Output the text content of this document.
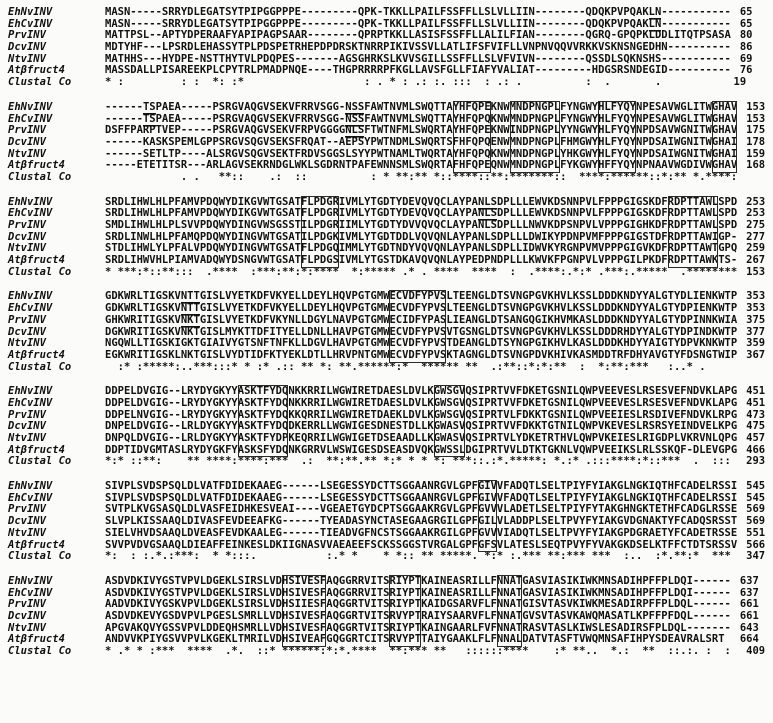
EhNvINV	MASN-----SRRYDLEGATSYTPIPGGPPPE---------QPK-TKKLLPAILFSSFFLLSLVLLIIN--------QDQKPVPQAKLN----------- 65
EhCvINV	MASN-----SRRYDLEGATSYTPIPGGPPPE---------QPK-TKKLLPAILFSSFFLLSLVLLIIN--------QDQKPVPQAKLN----------- 65
PrvINV	MATTPSL--APTYDPERAAFYAPIPAGPSAAR--------QPRPTKKLLASISFSSFFLLALILFIAN--------QGRQ-GPQPKLDDLITQTPSASA 80
DcvINV	MDTYHF---LPSRDLEHASSYTPLPDSPETRHEPDPDRSKTNRRPIKIVSSVLLATLIFSFVIFLLVNPNVQQVVRKKVSKNSNGEDHN---------- 86
NtvINV	MATHHS---HYDPE-NSTTHYTVLPDQPES-------AGSGHRKSLKVVSGILLSSFFLLSLVFVIVN--------QSSDLSQKNSHS----------- 69
Atβfruct4	MASSDALLPISAREEKPLCPYTRLPMADPNQE----THGPRRRRPFKGLLAVSFGLLFIAFYVALIAT---------HDGSRSNDEGID---------- 76
Clustal Co	* :         : :  *: :*                   : . * : .: :. :::  : .: .          :  .       . 19
EhNvINV	------TSPAEA-----PSRGVAQGVSEKVFRRVSGG-NSSFAWTNVMLSWQTTAYHFQPEKNWMNDPNGPLFYNGWYHLFYQYNPESAVWGLITWGHAV 153
EhCvINV	------TSPAEA-----PSRGVAQGVSEKVFRRVSGG-NSSFAWTNVMLSWQTTAYHFQPQKNWMNDPNGPLFYNGWYHLFYQYNPESAVWGLITWGHAV 153
PrvINV	DSFFPARPTVEP-----PSRGVAQGVSEKVFRPVGGGGNLSFTWTNFMLSWQRTAYHFQPEKNWINDPNGPLYYNGWYHLFYQYNPDSAVWGNITWGHAV 175
DcvINV	------KASKSPEMLGPPSRGVSQGVSEKSFRQAT--AEPSYPWTNDMLSWQRTSFHFQPQENWMNDPNGPLFHMGWYHLFYQYNPDSAIWGNITWGHAI 178
NtvINV	------SETLTP----ALSRGVSQGVSEKTFRDVSGGSLSYYPWTNAMLTWQRTAYHFQPQKNWMNDPNGPLYHKGWYHLFYQYNPDSAIWGNITWGHAI 159
Atβfruct4	-----ETETITSR---ARLAGVSEKRNDGLWKLSGDRNTPAFEWNNSMLSWQRTAFHFQPEQNWMNDPNGPLFYKGWYHFFYQYNPNAAVWGDIVWGHAV 168
Clustal Co	. .   **::    .:  ::          : * **:** *::****::**:*******::  ****:******::*:** *.****:
EhNvINV	SRDLIHWLHLPFAMVPDQWYDIKGVWTGSATFLPDGRIVMLYTGDTYDEVQVQCLAYPANLSDPLLLEWVKDSNNPVLFPPPGIGSKDFRDPTTAWLSPD 253
EhCvINV	SRDLIHWLHLPFAMVPDQWYDIKGVWTGSATFLPDGRIVMLYTGDTYDEVQVQCLAYPANLSDPLLLEWVKDSNNPVLFPPPGIGSKDFRDPTTAWLSPD 253
PrvINV	SMDLIHWLHLPLSVVPDQWYDINGVWSGSSTILPDGRIIMLYTGDTYDVVQVQCLAYPANLSDPLLLNWVKDPSNPVLVPPPGIGHKDFRDPTTAWLSPD 275
DcvINV	SRDLINWLHLPFAMQPDQWYDINGVWTGSATILPDGKIVMLYTGDTDDLVQVQNLAYPANLSDPLLLDWIKYPDNPVMFPPPGIGSTDFRDPTTAWIGP- 277
NtvINV	STDLIHWLYLPFALVPDQWYDINGVWTGSATFLPDGQIMMLYTGDTNDYVQVQNLAYPANLSDPLLIDWVKYRGNPVMVPPPGIGVKDFRDPTTAWTGPQ 259
Atβfruct4	SRDLIHWVHLPIAMVADQWYDSNGVWTGSATFLPDGSIVMLYTGSTDKAVQVQNLAYPEDPNDPLLLKWVKFPGNPVLVPPPGILPKDFRDPTTAWKTS- 267
Clustal Co	* ***:*::**:::  .****  :***:**:*:****  *:***** .* . ****  ****  :  .****:.*:* .***:.*****  .******** 153
EhNvINV	GDKWRLTIGSKVNTTGISLVYETKDFVKYELLDEYLHQVPGTGMWECVDFYPVSLTEENGLDTSVNGPGVKHVLKSSLDDDKNDYYALGTYDLIENKWTP 353
EhCvINV	GDKWRLTIGSKVNTTGISLVYETKDFVKYELLDEYLHQVPGTGMWECVDFYPVSLTEENGLDTSVNGPGVKHVLKSSLDDDKNDYYALGTYDPIENKWTP 353
PrvINV	GHKWRITIGSKVNKTGISLVYETKDFVKYNLLDGYLNAVPGTGMWECIDFYPASLIEANGLDTSANGQGIKHVMKASLDDDKNDYYALGTYDPINNKWIA 375
DcvINV	DGKWRITIGSKVNKTGISLMYKTTDFITYELLDNLLHAVPGTGMWECVDFYPVSVTGSNGLDTSVNGPGVKHVLKSSLDDDRHDYYALGTYDPINDKWTP 377
NtvINV	NGQWLLTIGSKIGKTGIAIVYGTSNFTNFKLLDGVLHAVPGTGMWECVDFYPVSTDEANGLDTSYNGPGIKHVLKASLDDDKHDYYAIGTYDPVKNKWTP 359
Atβfruct4	EGKWRITIGSKLNKTGISLVYDTIDFKTYEKLDTLLHRVPNTGMWECVDFYPVSKTAGNGLDTSVNGPDVKHIVKASMDDTRFDHYAVGTYFDSNGTWIP 367
Clustal Co	:* :*****:..***:::* * :* .:: ** *: **.******:*  ****** **  .:**::*:*:**  :  *:**:***   :..* .
EhNvINV	DDPELDVGIG--LRYDYGKYYASKTFYDQNKKRRILWGWIRETDAESLDVLKGWSGVQSIPRTVVFDKETGSNILQWPVEEVESLRSESVEFNDVKLAPG 451
EhCvINV	DDPELDVGIG--LRYDYGKYYASKTFYDQNKKRRILWGWIRETDAESLDVLKGWSGVQSIPRTVVFDKETGSNILQWPVEEVESLRSESVEFNDVKLAPG 451
PrvINV	DDPELNVGIG--LRYDYGKYYASKTFYDQKKQRRILWGWIRETDAEKLDVLKGWSGVQSIPRTVLFDKKTGSNILQWPVEEIESLRSDIVEFNDVKLRPG 473
DcvINV	DNPELDVGIG--LRLDYGKYYASKTFYDQDKERRLLWGWIGESDNESTDLLKGWASVQSIPRTVVFDKKTGTNILQWPVKEVESLRSRSYEINDVELKPG 475
NtvINV	DNPQLDVGIG--LRLDYGKYYASKTFYDPKEQRRILWGWIGETDSEAADLLKGWASVQSIPRTVLYDKETRTHVLQWPVKEIESLRIGDPLVKRVNLQPG 457
Atβfruct4	DDPTIDVGMTASLRYDYGKFYASKSFYDQNKGRRVLWSWIGESDSEASDVQKGWSSLDGIPRTVVLDTKTGKNLVQWPVEEIKSLRLSSKQF-DLEVGPG 466
Clustal Co	*:* ::**:    ** ****:****:***  .:  **:**.** *:* * * *: ***::.:*.*****: *.:* .:::****:*::***  .  ::: 293
EhNvINV	SIVPLSVDSPSQLDLVATFDIDEKAAEG------LSEGESSYDCTTSGGAANRGVLGPFGIVVFADQTLSELTPIYFYIAKGLNGKIQTHFCADELRSSI 545
EhCvINV	SIVPLSVDSPSQLDLVATFDIDEKAAEG------LSEGESSYDCTTSGGAANRGVLGPFGIVVFADQTLSELTPIYFYIAKGLNGKIQTHFCADELRSSI 545
PrvINV	SVTPLKVGSASQLDLVASFEIDHKESVEAI----VGEAETGYDCPTSGGAAKRGVLGPFGVVVLADETLSELTPIYFYTAKGHNGKTETHFCADGLRSSE 569
DcvINV	SLVPLKISSAAQLDIVASFEVDEEAFKG------TYEADASYNCTASEGAAGRGILGPFGILVLADDPLSELTPVYFYIAKGVDGNAKTYFCADQSRSST 569
NtvINV	SIELVHVDSAAQLDVEASFEVDKAALEG------TIEADVGFNCSTSGGAAKRGILGPFGVVVIADQTLSELTPVYFYIAKGPDGRAETYFCADETRSSE 551
Atβfruct4	SVVPVDVGSAAQLDIEAFFEINKESLDKIIGNASVVAEAEEFSCKSSGGSTVRGALGPFGFSVLATESLSEQTPVYFYVAKGKDSELKTFFCTDTSRSSV 566
Clustal Co	*:  : :.*.:***:  * *:::.           :.* *    * *:: ** *****. *:* :.*** **:*** ***  :..  :*.**:*  *** 347
EhNvINV	ASDVDKIVYGSTVPVLDGEKLSIRSLVDHSIVESFAQGGRRVITSRIYPTKAINEASRILLFNNATGASVIASIKIWKMNSADIHPFFPLDQI------ 637
EhCvINV	ASDVDKIVYGSTVPVLDGEKLSIRSLVDHSIVESFAQGGRRVITSRIYPTKAINEASRILLFNNATGASVIASIKIWKMNSADIHPFFPLDQI------ 637
PrvINV	AADVDKIVYGSKVPVLDGEKLSIRSLVDHSIIESFAQGGRTVITSRIYPTKAIDGSARVFLFNNATGISVTASVKIWKMESADIRPFFPLDQL------ 661
DcvINV	ASDVDKEVYGSDVPVLPGESLSMRLLVDHSIVESFAQGGRTVITSRVYPTRAIYSAARVFLFNNATGVSVTASVKAWQMASATLKPFFPFDQL------ 661
NtvINV	APGVAKQVYGSSVPVLDDEQHSMRLLVDHSIVESFAQGGRTVITSRIYPTKAINGAARLFVFNNATRASVTASLKIWSLESADIRSFPLDQL------- 643
Atβfruct4	ANDVVKPIYGSVVPVLKGEKLTMRILVDHSIVEAFGQGGRTCITSRVYPTTAIYGAAKLFLFNNALDATVTASFTVWQMNSAFIHPYSDEAVRALSRT 664
Clustal Co	* .* * :***  ****  .*.  ::* ******:*:*.****  **:*** **   ::::::****    :* **..  *.:  **  ::.:. :  : 409
